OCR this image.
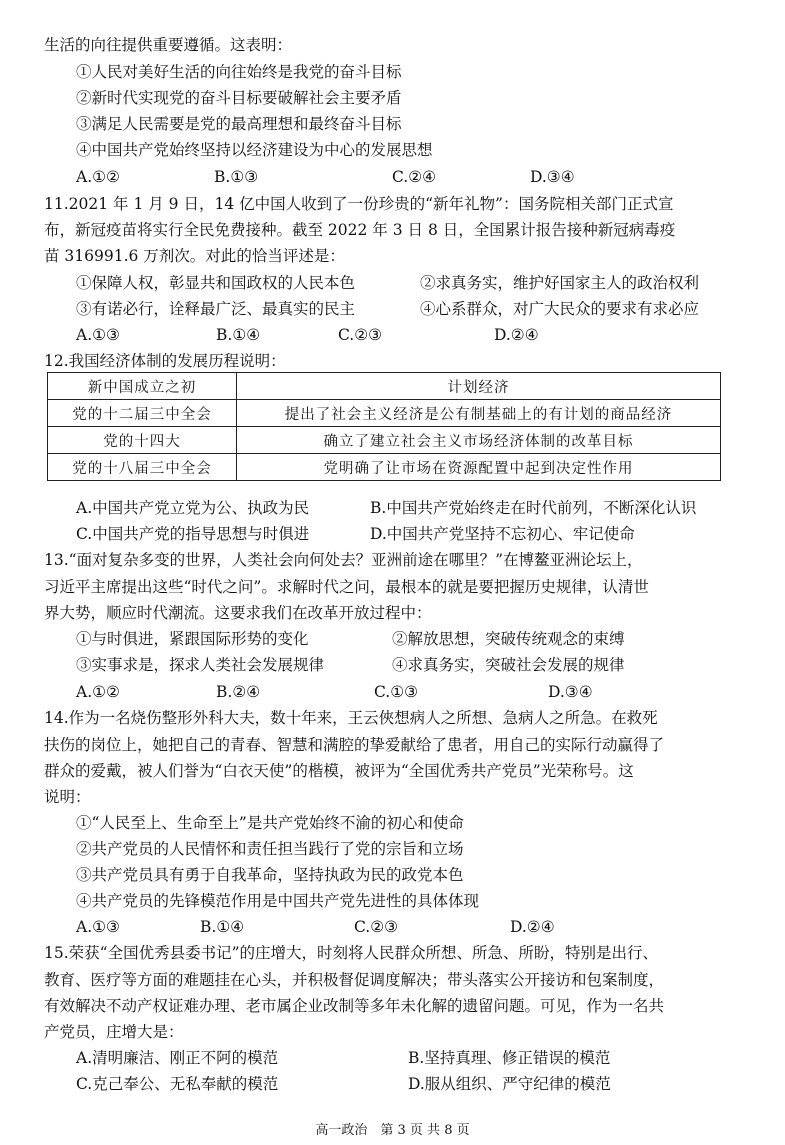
生活的向往提供重要遵循。这表明：
①人民对美好生活的向往始终是我党的奋斗目标
②新时代实现党的奋斗目标要破解社会主要矛盾
③满足人民需要是党的最高理想和最终奋斗目标
④中国共产党始终坚持以经济建设为中心的发展思想
A.①②	B.①③	C.②④	D.③④
11.2021 年 1 月 9 日，14 亿中国人收到了一份珍贵的“新年礼物”：国务院相关部门正式宣
布，新冠疫苗将实行全民免费接种。截至 2022 年 3 日 8 日，全国累计报告接种新冠病毒疫
苗 316991.6 万剂次。对此的恰当评述是：
①保障人权，彰显共和国政权的人民本色	②求真务实，维护好国家主人的政治权利
③有诺必行，诠释最广泛、最真实的民主	④心系群众，对广大民众的要求有求必应
A.①③	B.①④	C.②③	D.②④
12.我国经济体制的发展历程说明：
新中国成立之初	计划经济
党的十二届三中全会	提出了社会主义经济是公有制基础上的有计划的商品经济
党的十四大	确立了建立社会主义市场经济体制的改革目标
党的十八届三中全会	党明确了让市场在资源配置中起到决定性作用
A.中国共产党立党为公、执政为民	B.中国共产党始终走在时代前列，不断深化认识
C.中国共产党的指导思想与时俱进	D.中国共产党坚持不忘初心、牢记使命
13.“面对复杂多变的世界，人类社会向何处去？亚洲前途在哪里？”在博鳌亚洲论坛上，
习近平主席提出这些“时代之问”。求解时代之问，最根本的就是要把握历史规律，认清世
界大势，顺应时代潮流。这要求我们在改革开放过程中：
①与时俱进，紧跟国际形势的变化	②解放思想，突破传统观念的束缚
③实事求是，探求人类社会发展规律	④求真务实，突破社会发展的规律
A.①②	B.②④	C.①③	D.③④
14.作为一名烧伤整形外科大夫，数十年来，王云俠想病人之所想、急病人之所急。在救死
扶伤的岗位上，她把自己的青春、智慧和满腔的挚爱献给了患者，用自己的实际行动赢得了
群众的爱戴，被人们誉为“白衣天使”的楷模，被评为“全国优秀共产党员”光荣称号。这
说明：
①“人民至上、生命至上”是共产党始终不渝的初心和使命
②共产党员的人民情怀和责任担当践行了党的宗旨和立场
③共产党员具有勇于自我革命，坚持执政为民的政党本色
④共产党员的先锋模范作用是中国共产党先进性的具体体现
A.①③	B.①④	C.②③	D.②④
15.荣获“全国优秀县委书记”的庄增大，时刻将人民群众所想、所急、所盼，特别是出行、
教育、医疗等方面的难题挂在心头，并积极督促调度解决；带头落实公开接访和包案制度，
有效解决不动产权证难办理、老市属企业改制等多年未化解的遗留问题。可见，作为一名共
产党员，庄增大是：
A.清明廉洁、刚正不阿的模范	B.坚持真理、修正错误的模范
C.克己奉公、无私奉献的模范	D.服从组织、严守纪律的模范
高一政治　第 3 页 共 8 页
